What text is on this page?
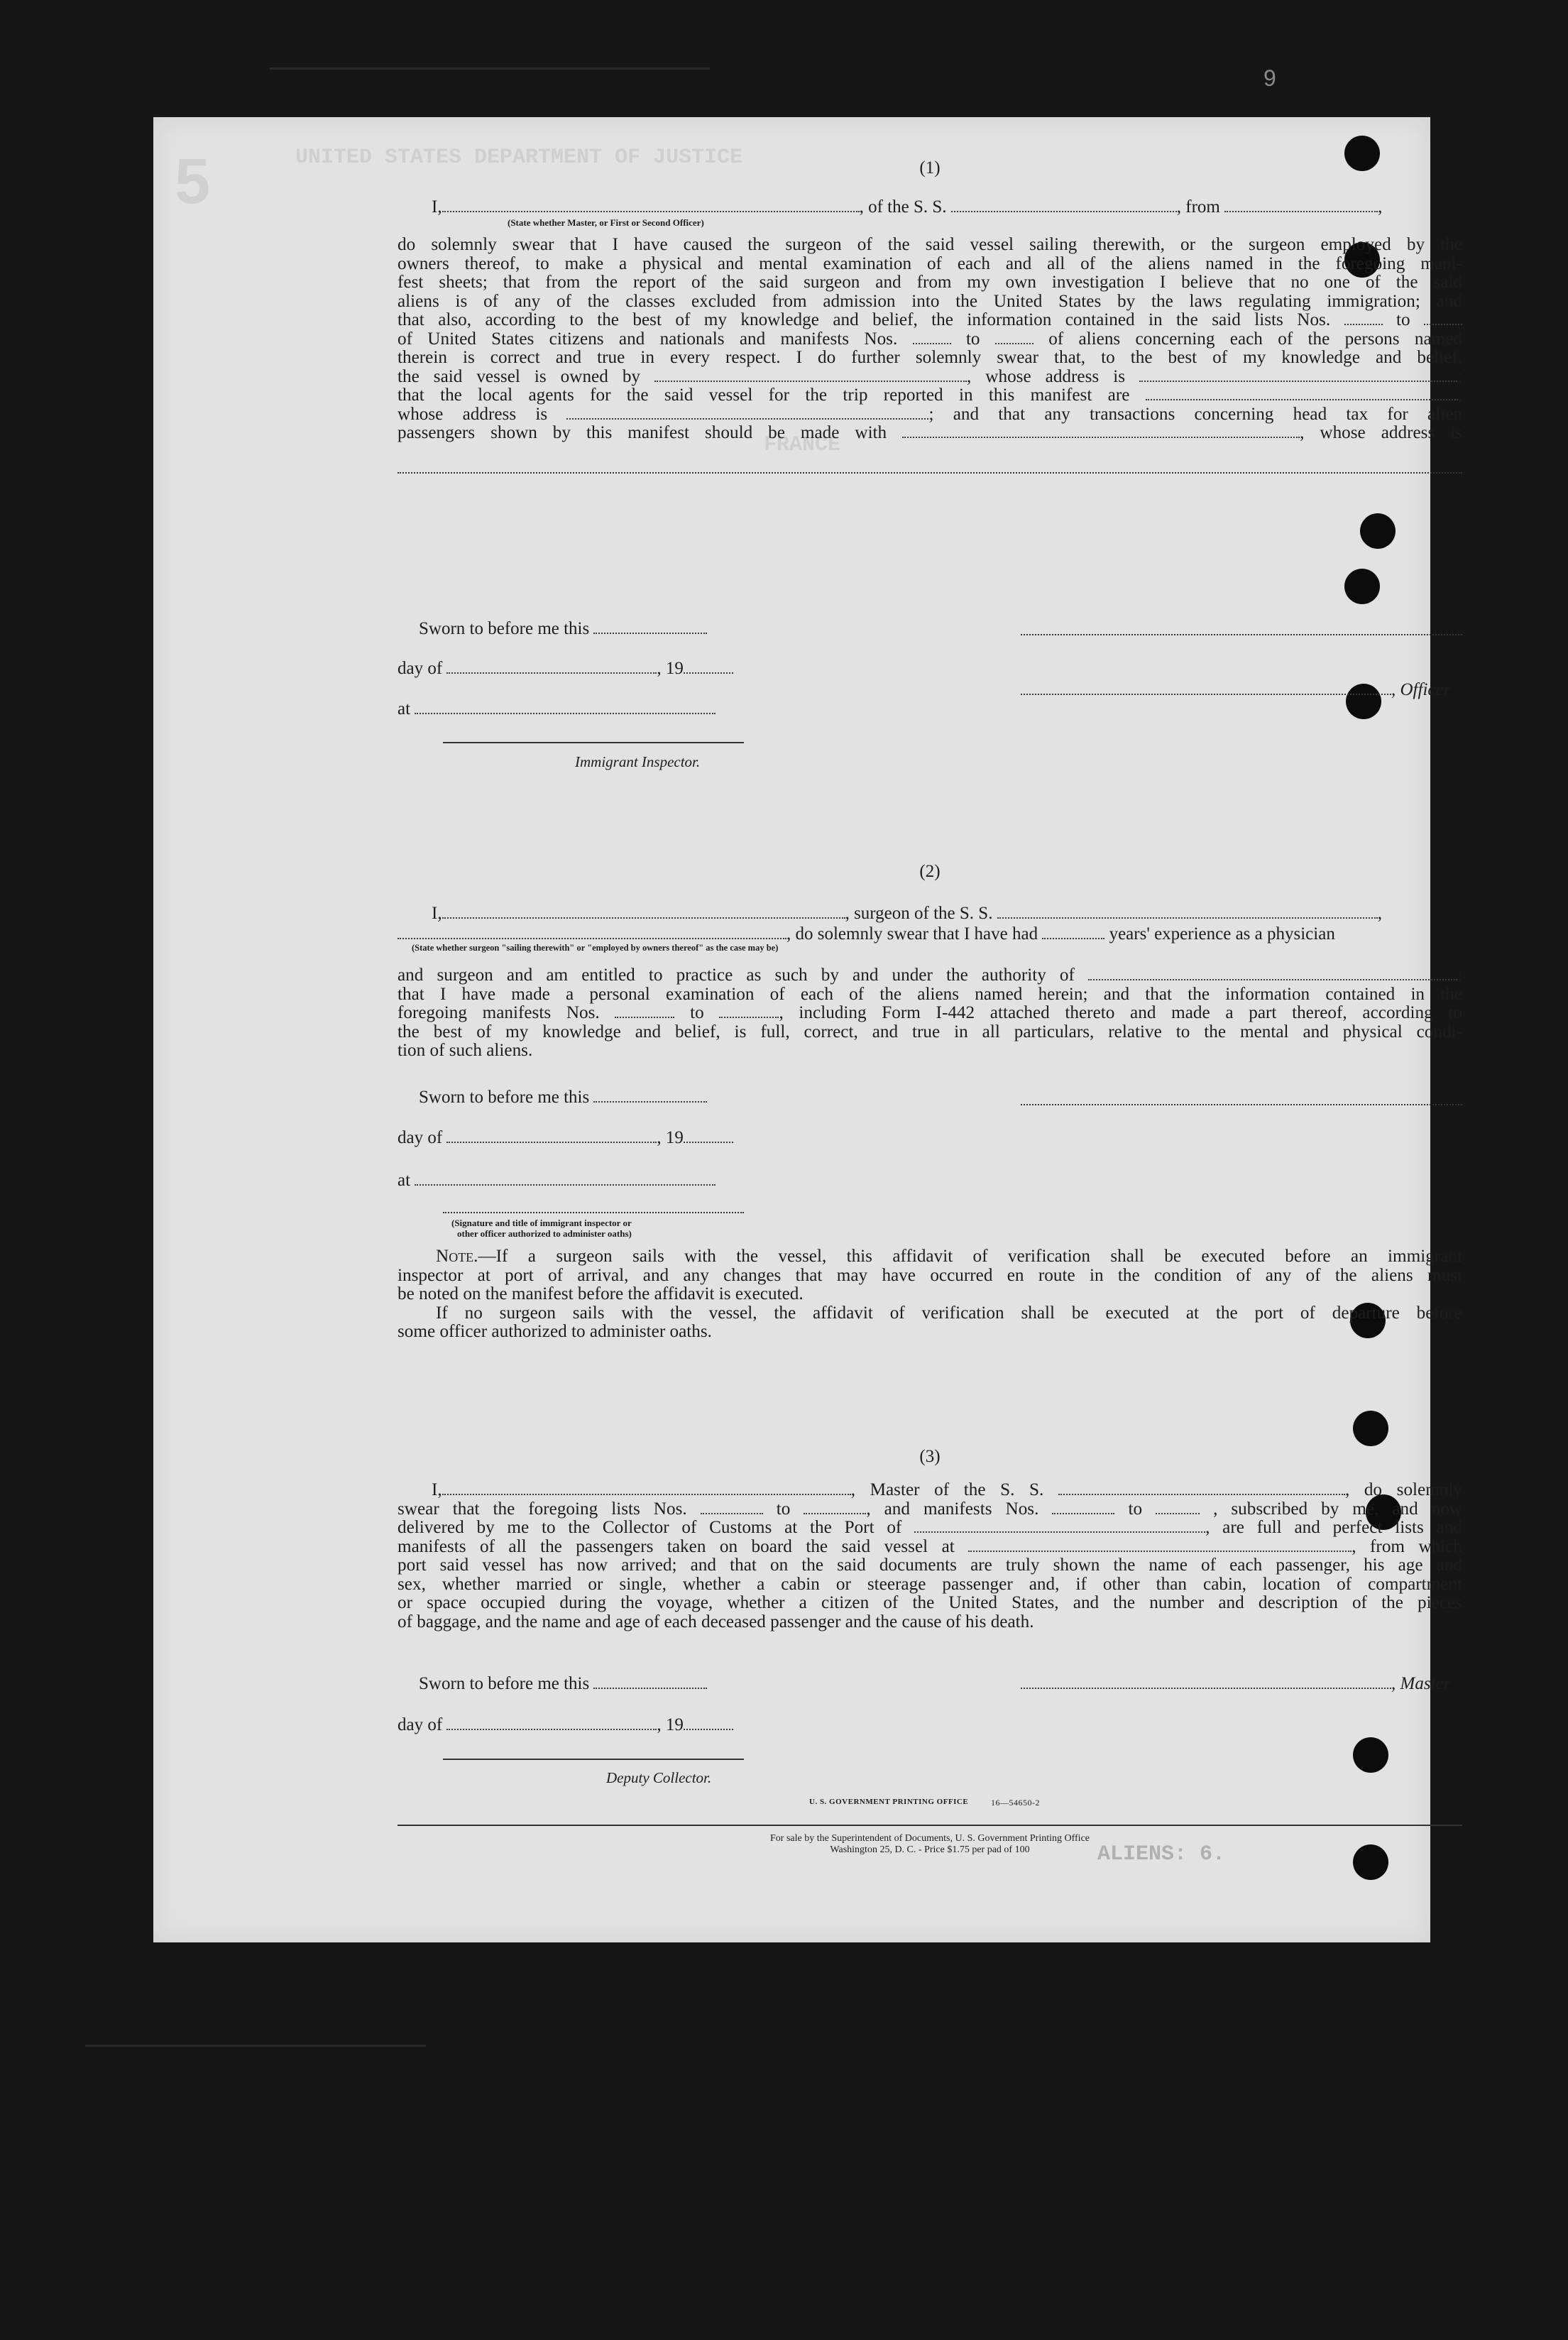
9
UNITED STATES DEPARTMENT OF JUSTICE
FRANCE
ALIENS: 6.
5	(1)
I,	, of the S. S.	, from	,
(State whether Master, or First or Second Officer)
do solemnly swear that I have caused the surgeon of the said vessel sailing therewith, or the surgeon employed by the
owners thereof, to make a physical and mental examination of each and all of the aliens named in the foregoing mani-
fest sheets; that from the report of the said surgeon and from my own investigation I believe that no one of the said
aliens is of any of the classes excluded from admission into the United States by the laws regulating immigration; and
that also, according to the best of my knowledge and belief, the information contained in the said lists Nos.	to
of United States citizens and nationals and manifests Nos.	to	of aliens concerning each of the persons named
therein is correct and true in every respect. I do further solemnly swear that, to the best of my knowledge and belief,
the said vessel is owned by	, whose address is	;
that the local agents for the said vessel for the trip reported in this manifest are	,
whose address is	; and that any transactions concerning head tax for alien
passengers shown by this manifest should be made with	, whose address is
Sworn to before me this
day of	, 19
, Officer
at
Immigrant Inspector.
(2)
I,	, surgeon of the S. S.	,
, do solemnly swear that I have had	years' experience as a physician
(State whether surgeon "sailing therewith" or "employed by owners thereof" as the case may be)
and surgeon and am entitled to practice as such by and under the authority of	;
that I have made a personal examination of each of the aliens named herein; and that the information contained in the
foregoing manifests Nos.	to	, including Form I-442 attached thereto and made a part thereof, according to
the best of my knowledge and belief, is full, correct, and true in all particulars, relative to the mental and physical condi-
tion of such aliens.
Sworn to before me this
day of	, 19
at
(Signature and title of immigrant inspector or
other officer authorized to administer oaths)
Note.—If a surgeon sails with the vessel, this affidavit of verification shall be executed before an immigrant
inspector at port of arrival, and any changes that may have occurred en route in the condition of any of the aliens must
be noted on the manifest before the affidavit is executed.
If no surgeon sails with the vessel, the affidavit of verification shall be executed at the port of departure before
some officer authorized to administer oaths.
(3)
I,	, Master of the S. S.	, do solemnly
swear that the foregoing lists Nos.	to	, and manifests Nos.	to	, subscribed by me, and now
delivered by me to the Collector of Customs at the Port of	, are full and perfect lists and
manifests of all the passengers taken on board the said vessel at	, from which
port said vessel has now arrived; and that on the said documents are truly shown the name of each passenger, his age and
sex, whether married or single, whether a cabin or steerage passenger and, if other than cabin, location of compartment
or space occupied during the voyage, whether a citizen of the United States, and the number and description of the pieces
of baggage, and the name and age of each deceased passenger and the cause of his death.
Sworn to before me this	, Master
day of	, 19
Deputy Collector.
U. S. GOVERNMENT PRINTING OFFICE	16—54650-2
For sale by the Superintendent of Documents, U. S. Government Printing Office
Washington 25, D. C. - Price $1.75 per pad of 100
